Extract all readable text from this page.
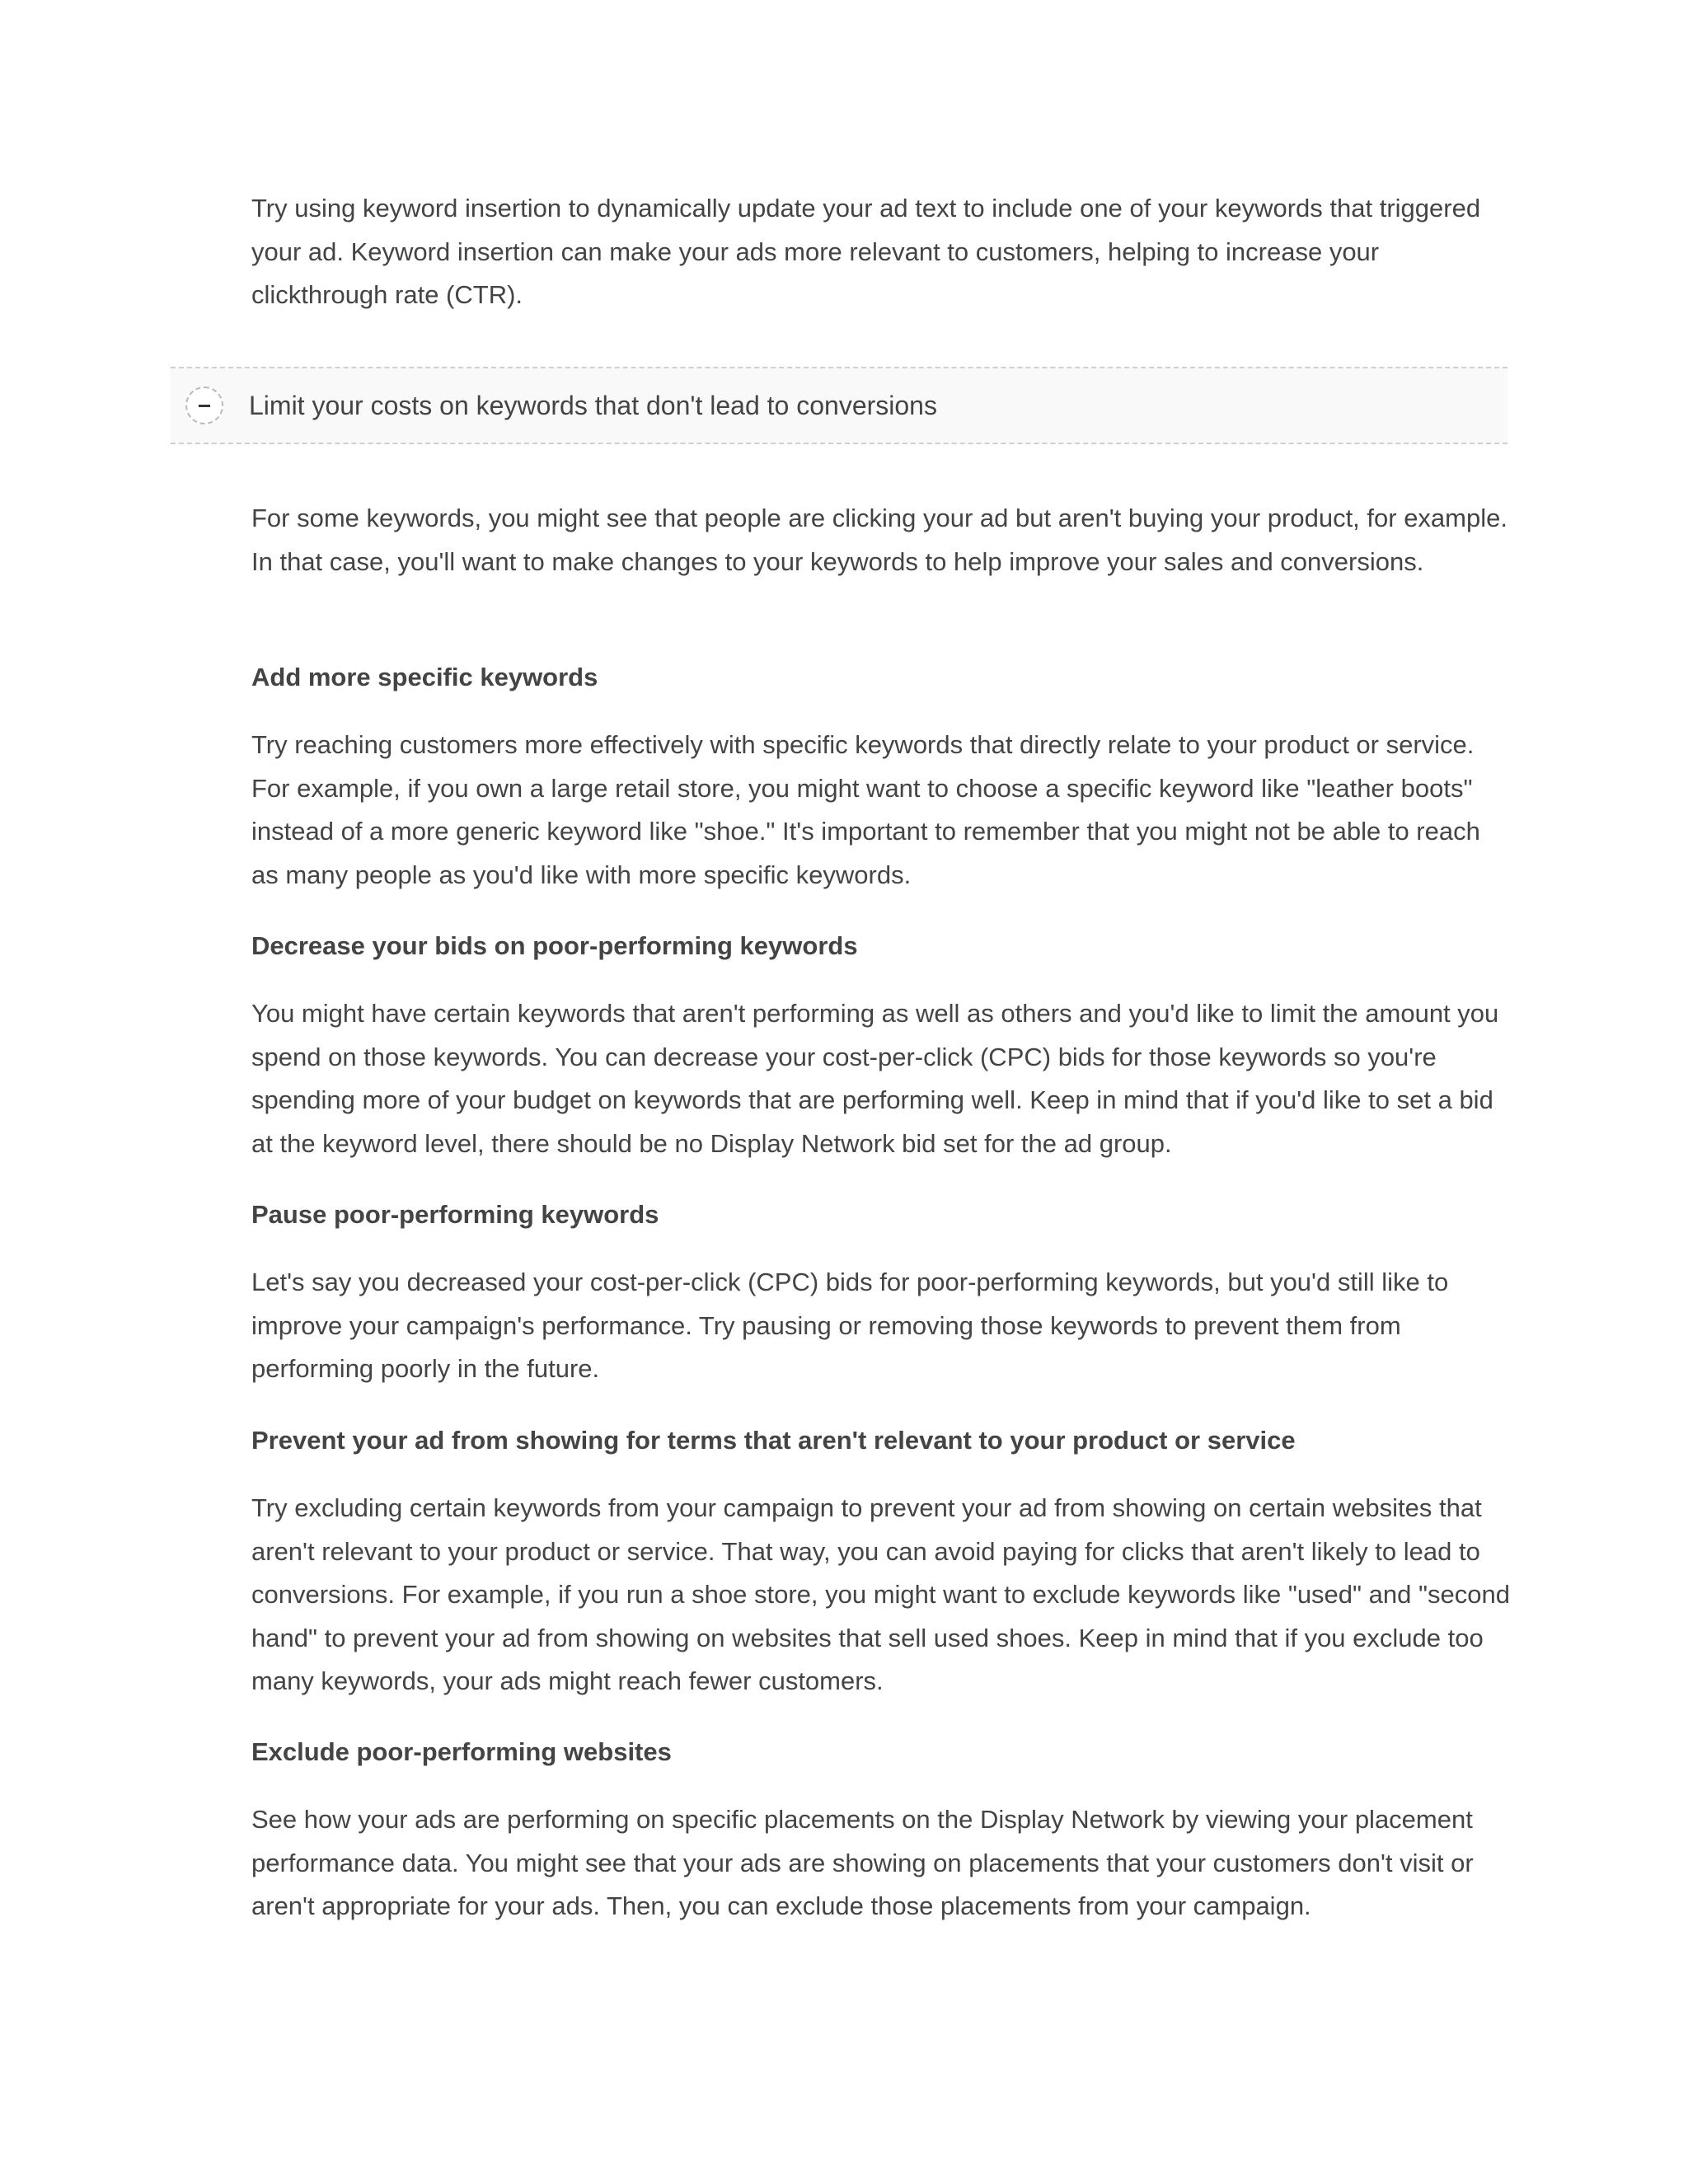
Try using keyword insertion to dynamically update your ad text to include one of your keywords that triggered your ad. Keyword insertion can make your ads more relevant to customers, helping to increase your clickthrough rate (CTR).

Limit your costs on keywords that don't lead to conversions

For some keywords, you might see that people are clicking your ad but aren't buying your product, for example. In that case, you'll want to make changes to your keywords to help improve your sales and conversions.

Add more specific keywords

Try reaching customers more effectively with specific keywords that directly relate to your product or service. For example, if you own a large retail store, you might want to choose a specific keyword like "leather boots" instead of a more generic keyword like "shoe." It's important to remember that you might not be able to reach as many people as you'd like with more specific keywords.

Decrease your bids on poor-performing keywords

You might have certain keywords that aren't performing as well as others and you'd like to limit the amount you spend on those keywords. You can decrease your cost-per-click (CPC) bids for those keywords so you're spending more of your budget on keywords that are performing well. Keep in mind that if you'd like to set a bid at the keyword level, there should be no Display Network bid set for the ad group.

Pause poor-performing keywords

Let's say you decreased your cost-per-click (CPC) bids for poor-performing keywords, but you'd still like to improve your campaign's performance. Try pausing or removing those keywords to prevent them from performing poorly in the future.

Prevent your ad from showing for terms that aren't relevant to your product or service

Try excluding certain keywords from your campaign to prevent your ad from showing on certain websites that aren't relevant to your product or service. That way, you can avoid paying for clicks that aren't likely to lead to conversions. For example, if you run a shoe store, you might want to exclude keywords like "used" and "second hand" to prevent your ad from showing on websites that sell used shoes. Keep in mind that if you exclude too many keywords, your ads might reach fewer customers.

Exclude poor-performing websites

See how your ads are performing on specific placements on the Display Network by viewing your placement performance data. You might see that your ads are showing on placements that your customers don't visit or aren't appropriate for your ads. Then, you can exclude those placements from your campaign.
